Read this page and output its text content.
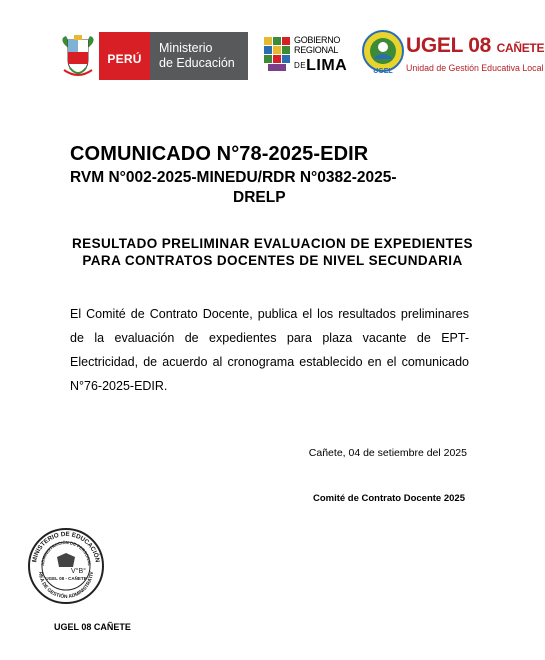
PERÚ
Ministerio
de Educación
GOBIERNO
REGIONAL
$^{DE}$LIMA	UGEL
UGEL 08 CAÑETE
Unidad de Gestión Educativa Local
COMUNICADO N°78-2025-EDIR
RVM N°002-2025-MINEDU/RDR N°0382-2025-
DRELP
RESULTADO PRELIMINAR EVALUACION DE EXPEDIENTES PARA CONTRATOS DOCENTES DE NIVEL SECUNDARIA
El Comité de Contrato Docente, publica el los resultados preliminares de la evaluación de expedientes para plaza vacante de EPT-Electricidad, de acuerdo al cronograma establecido en el comunicado N°76-2025-EDIR.
Cañete, 04 de setiembre del 2025
Comité de Contrato Docente 2025
MINISTERIO DE EDUCACIÓN
ADMINISTRACIÓN DE PERSONAL
REA DE GESTIÓN ADMINISTRATIV
V°B°
UGEL 08 - CAÑETE
UGEL 08 CAÑETE
